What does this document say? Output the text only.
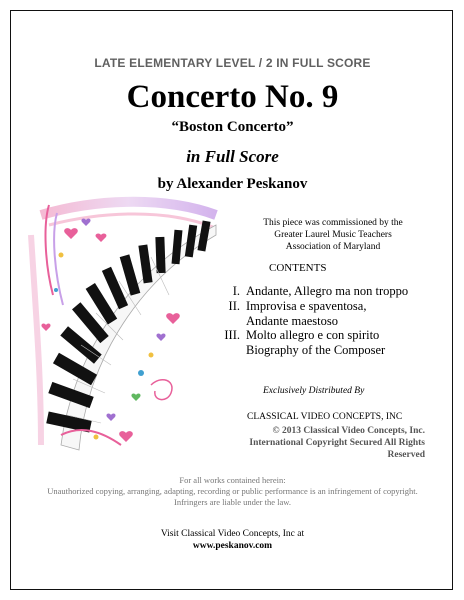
LATE ELEMENTARY LEVEL / 2 IN FULL SCORE
Concerto No. 9
“Boston Concerto”
in Full Score
by Alexander Peskanov
This piece was commissioned by the
Greater Laurel Music Teachers
Association of Maryland
CONTENTS
I. Andante, Allegro ma non troppo
II. Improvisa e spaventosa,
Andante maestoso
III. Molto allegro e con spirito
Biography of the Composer
Exclusively Distributed By
CLASSICAL VIDEO CONCEPTS, INC
© 2013 Classical Video Concepts, Inc.
International Copyright Secured All Rights
Reserved
For all works contained herein:
Unauthorized copying, arranging, adapting, recording or public performance is an infringement of copyright.
Infringers are liable under the law.
Visit Classical Video Concepts, Inc at
www.peskanov.com
